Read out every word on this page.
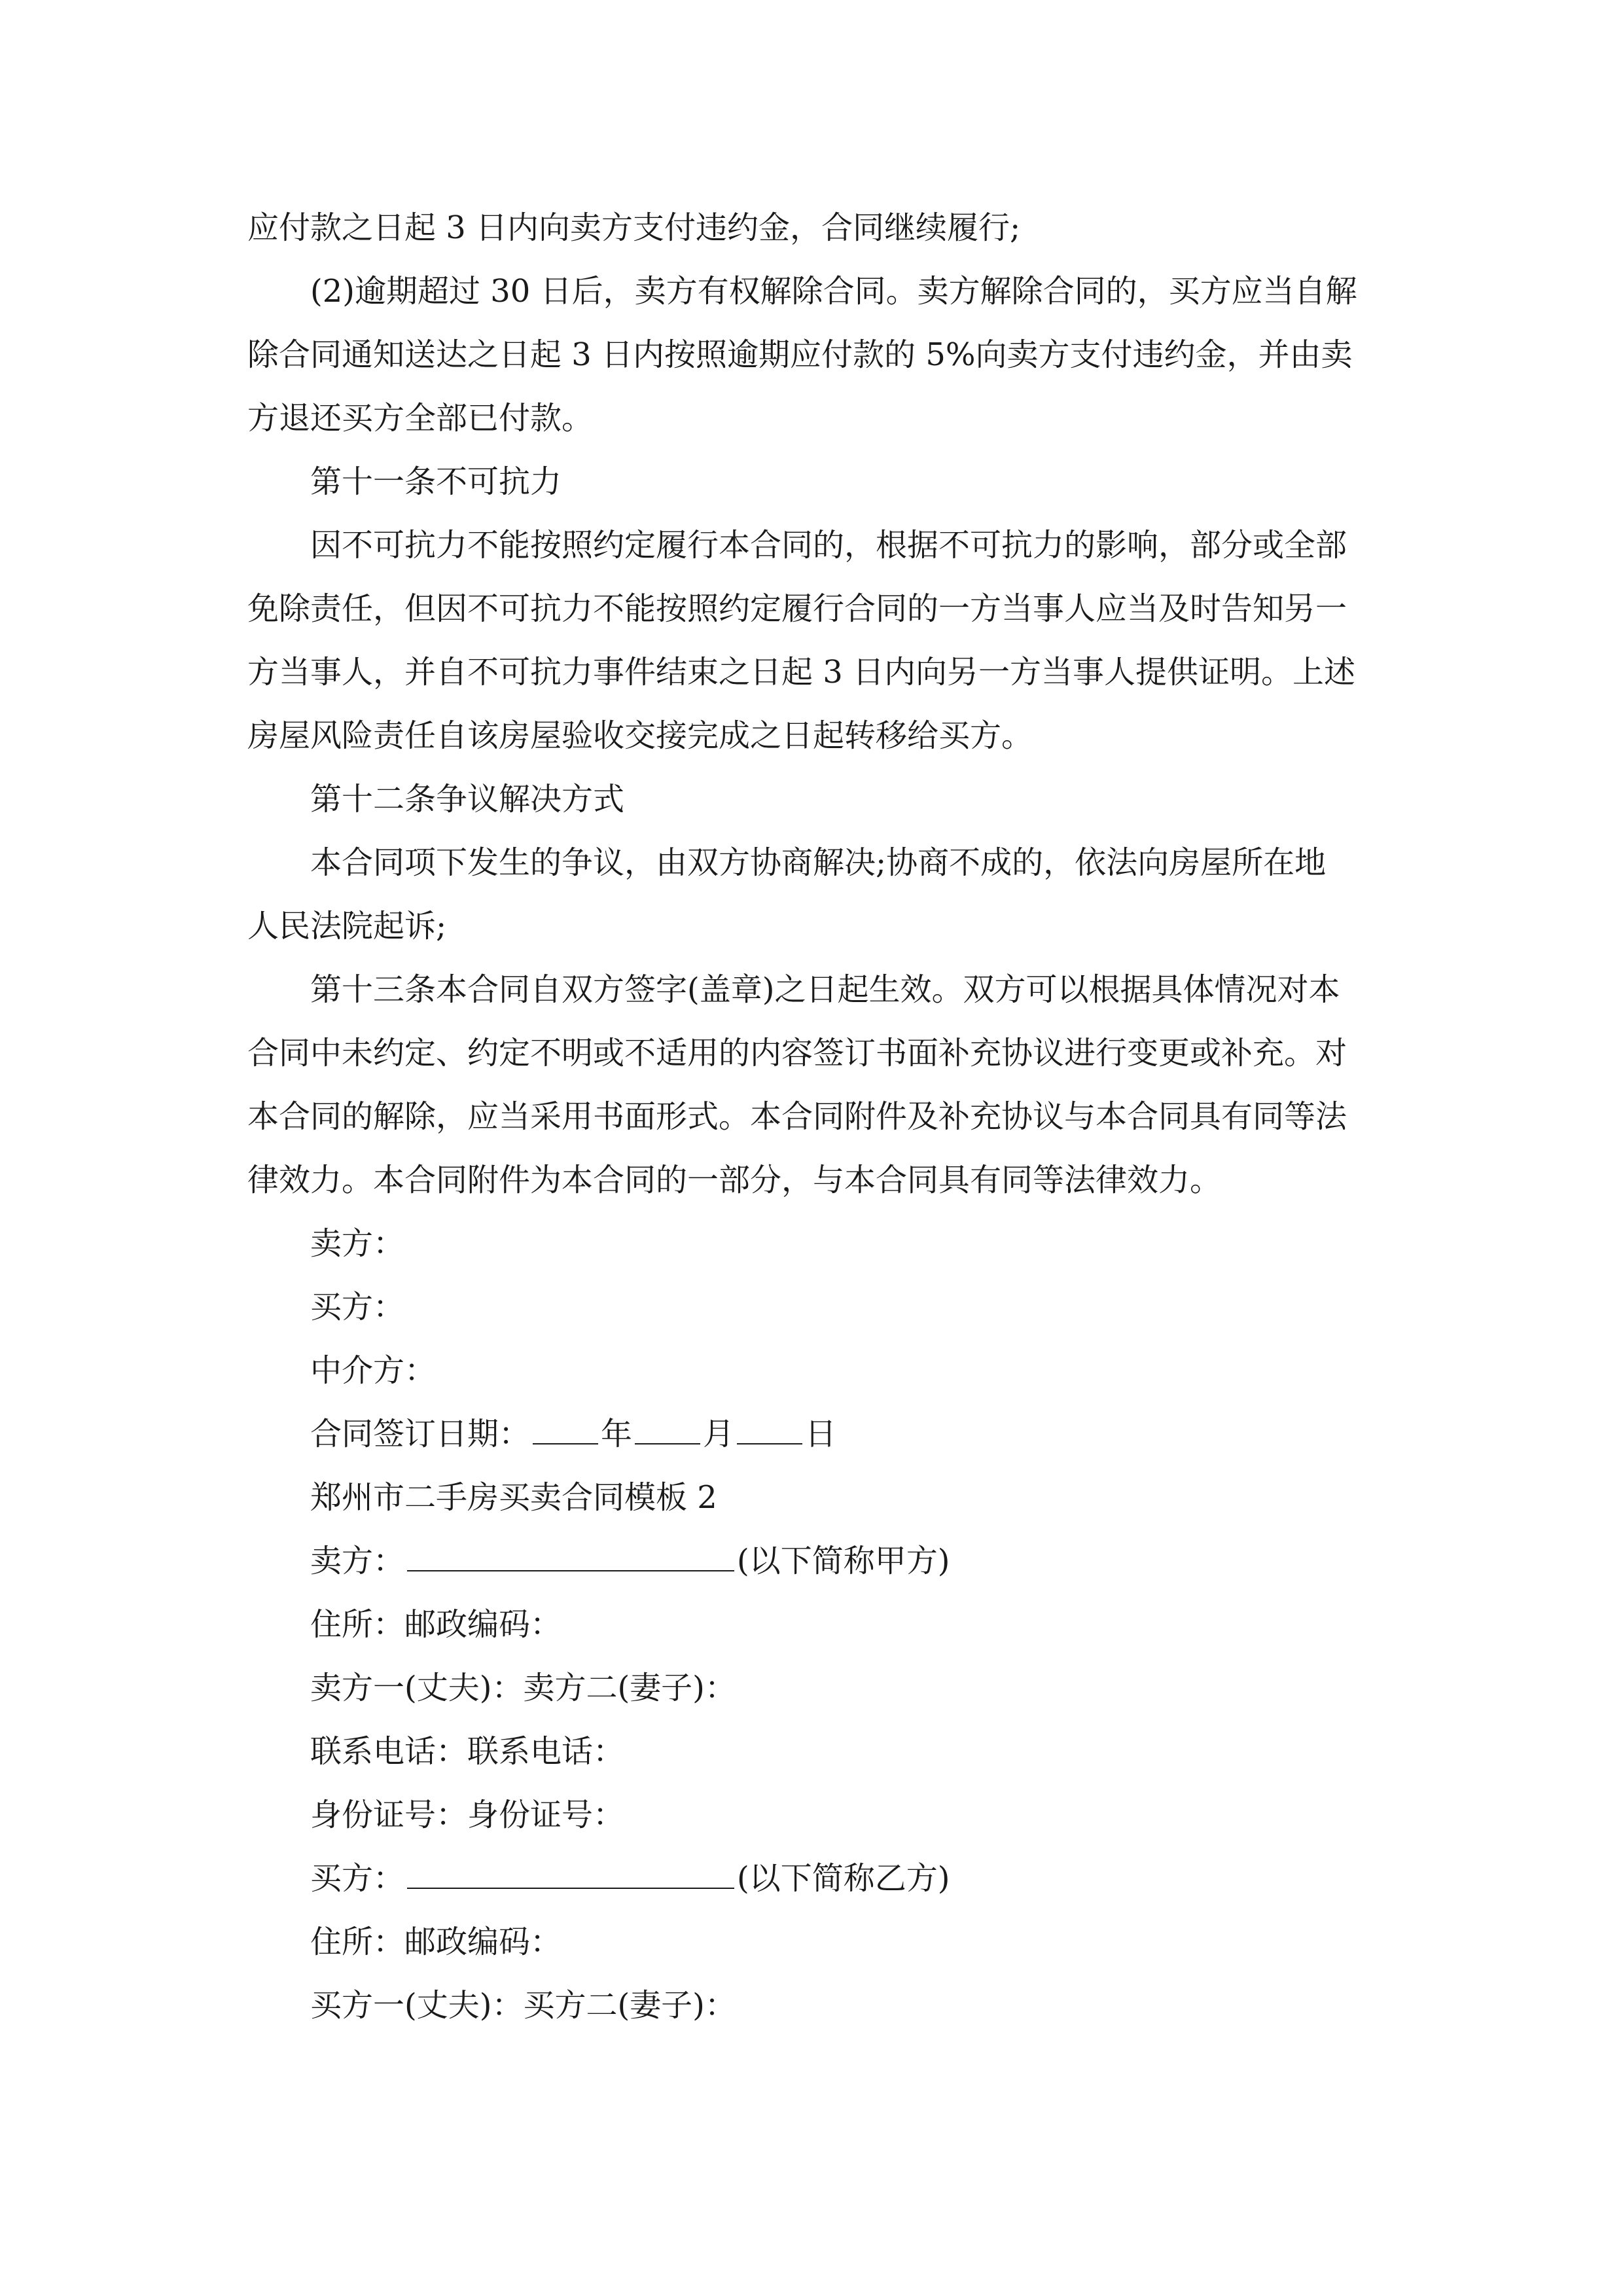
应付款之日起 3 日内向卖方支付违约金，合同继续履行;
(2)逾期超过 30 日后，卖方有权解除合同。卖方解除合同的，买方应当自解
除合同通知送达之日起 3 日内按照逾期应付款的 5%向卖方支付违约金，并由卖
方退还买方全部已付款。
第十一条不可抗力
因不可抗力不能按照约定履行本合同的，根据不可抗力的影响，部分或全部
免除责任，但因不可抗力不能按照约定履行合同的一方当事人应当及时告知另一
方当事人，并自不可抗力事件结束之日起 3 日内向另一方当事人提供证明。上述
房屋风险责任自该房屋验收交接完成之日起转移给买方。
第十二条争议解决方式
本合同项下发生的争议，由双方协商解决;协商不成的，依法向房屋所在地
人民法院起诉;
第十三条本合同自双方签字(盖章)之日起生效。双方可以根据具体情况对本
合同中未约定、约定不明或不适用的内容签订书面补充协议进行变更或补充。对
本合同的解除，应当采用书面形式。本合同附件及补充协议与本合同具有同等法
律效力。本合同附件为本合同的一部分，与本合同具有同等法律效力。
卖方：
买方：
中介方：
合同签订日期： 年 月 日
郑州市二手房买卖合同模板 2
卖方：	(以下简称甲方)
住所：邮政编码：
卖方一(丈夫)：卖方二(妻子)：
联系电话：联系电话：
身份证号：身份证号：
买方：	(以下简称乙方)
住所：邮政编码：
买方一(丈夫)：买方二(妻子)：
